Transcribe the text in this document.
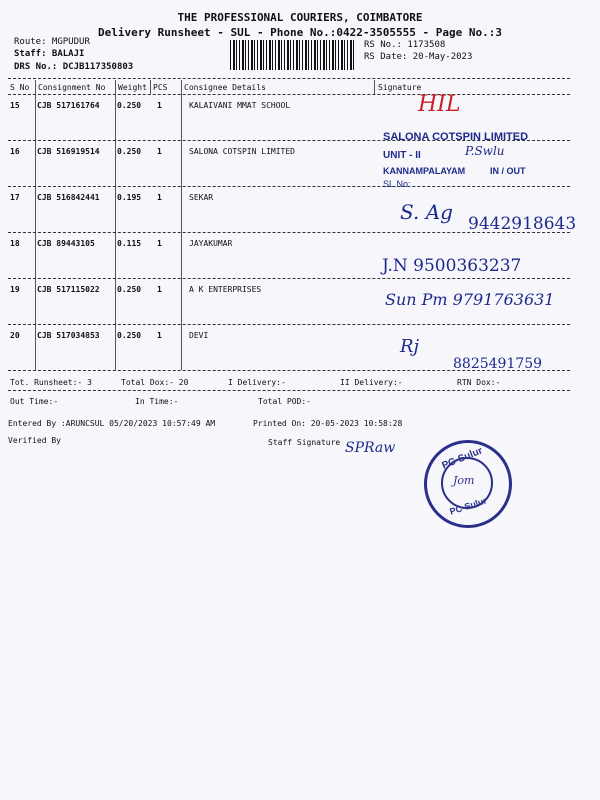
THE PROFESSIONAL COURIERS, COIMBATORE
Delivery Runsheet - SUL - Phone No.:0422-3505555 - Page No.:3
Route: MGPUDUR
Staff: BALAJI
DRS No.: DCJB117350803
RS No.: 1173508
RS Date: 20-May-2023
S No Consignment No Weight PCS Consignee Details	Signature
15 CJB 517161764 0.250 1	KALAIVANI MMAT SCHOOL
16 CJB 516919514 0.250 1	SALONA COTSPIN LIMITED
17 CJB 516842441 0.195 1	SEKAR
18 CJB 89443105	0.115 1	JAYAKUMAR
19 CJB 517115022 0.250 1	A K ENTERPRISES
20 CJB 517034853 0.250 1	DEVI
HIL
SALONA COTSPIN LIMITED
UNIT - II	P.Swlu
KANNAMPALAYAM	IN / OUT
SL.No:
S. Ag 9442918643
J.N 9500363237
Sun Pm 9791763631
Rj
8825491759
Tot. Runsheet:- 3	Total Dox:- 20	I Delivery:-	II Delivery:-	RTN Dox:-
Out Time:-	In Time:-	Total POD:-
Entered By :ARUNCSUL 05/20/2023 10:57:49 AM	Printed On: 20-05-2023 10:58:28
Verified By	Staff Signature SPRaw	PC-Sulur
Jom
PC-Sulur
